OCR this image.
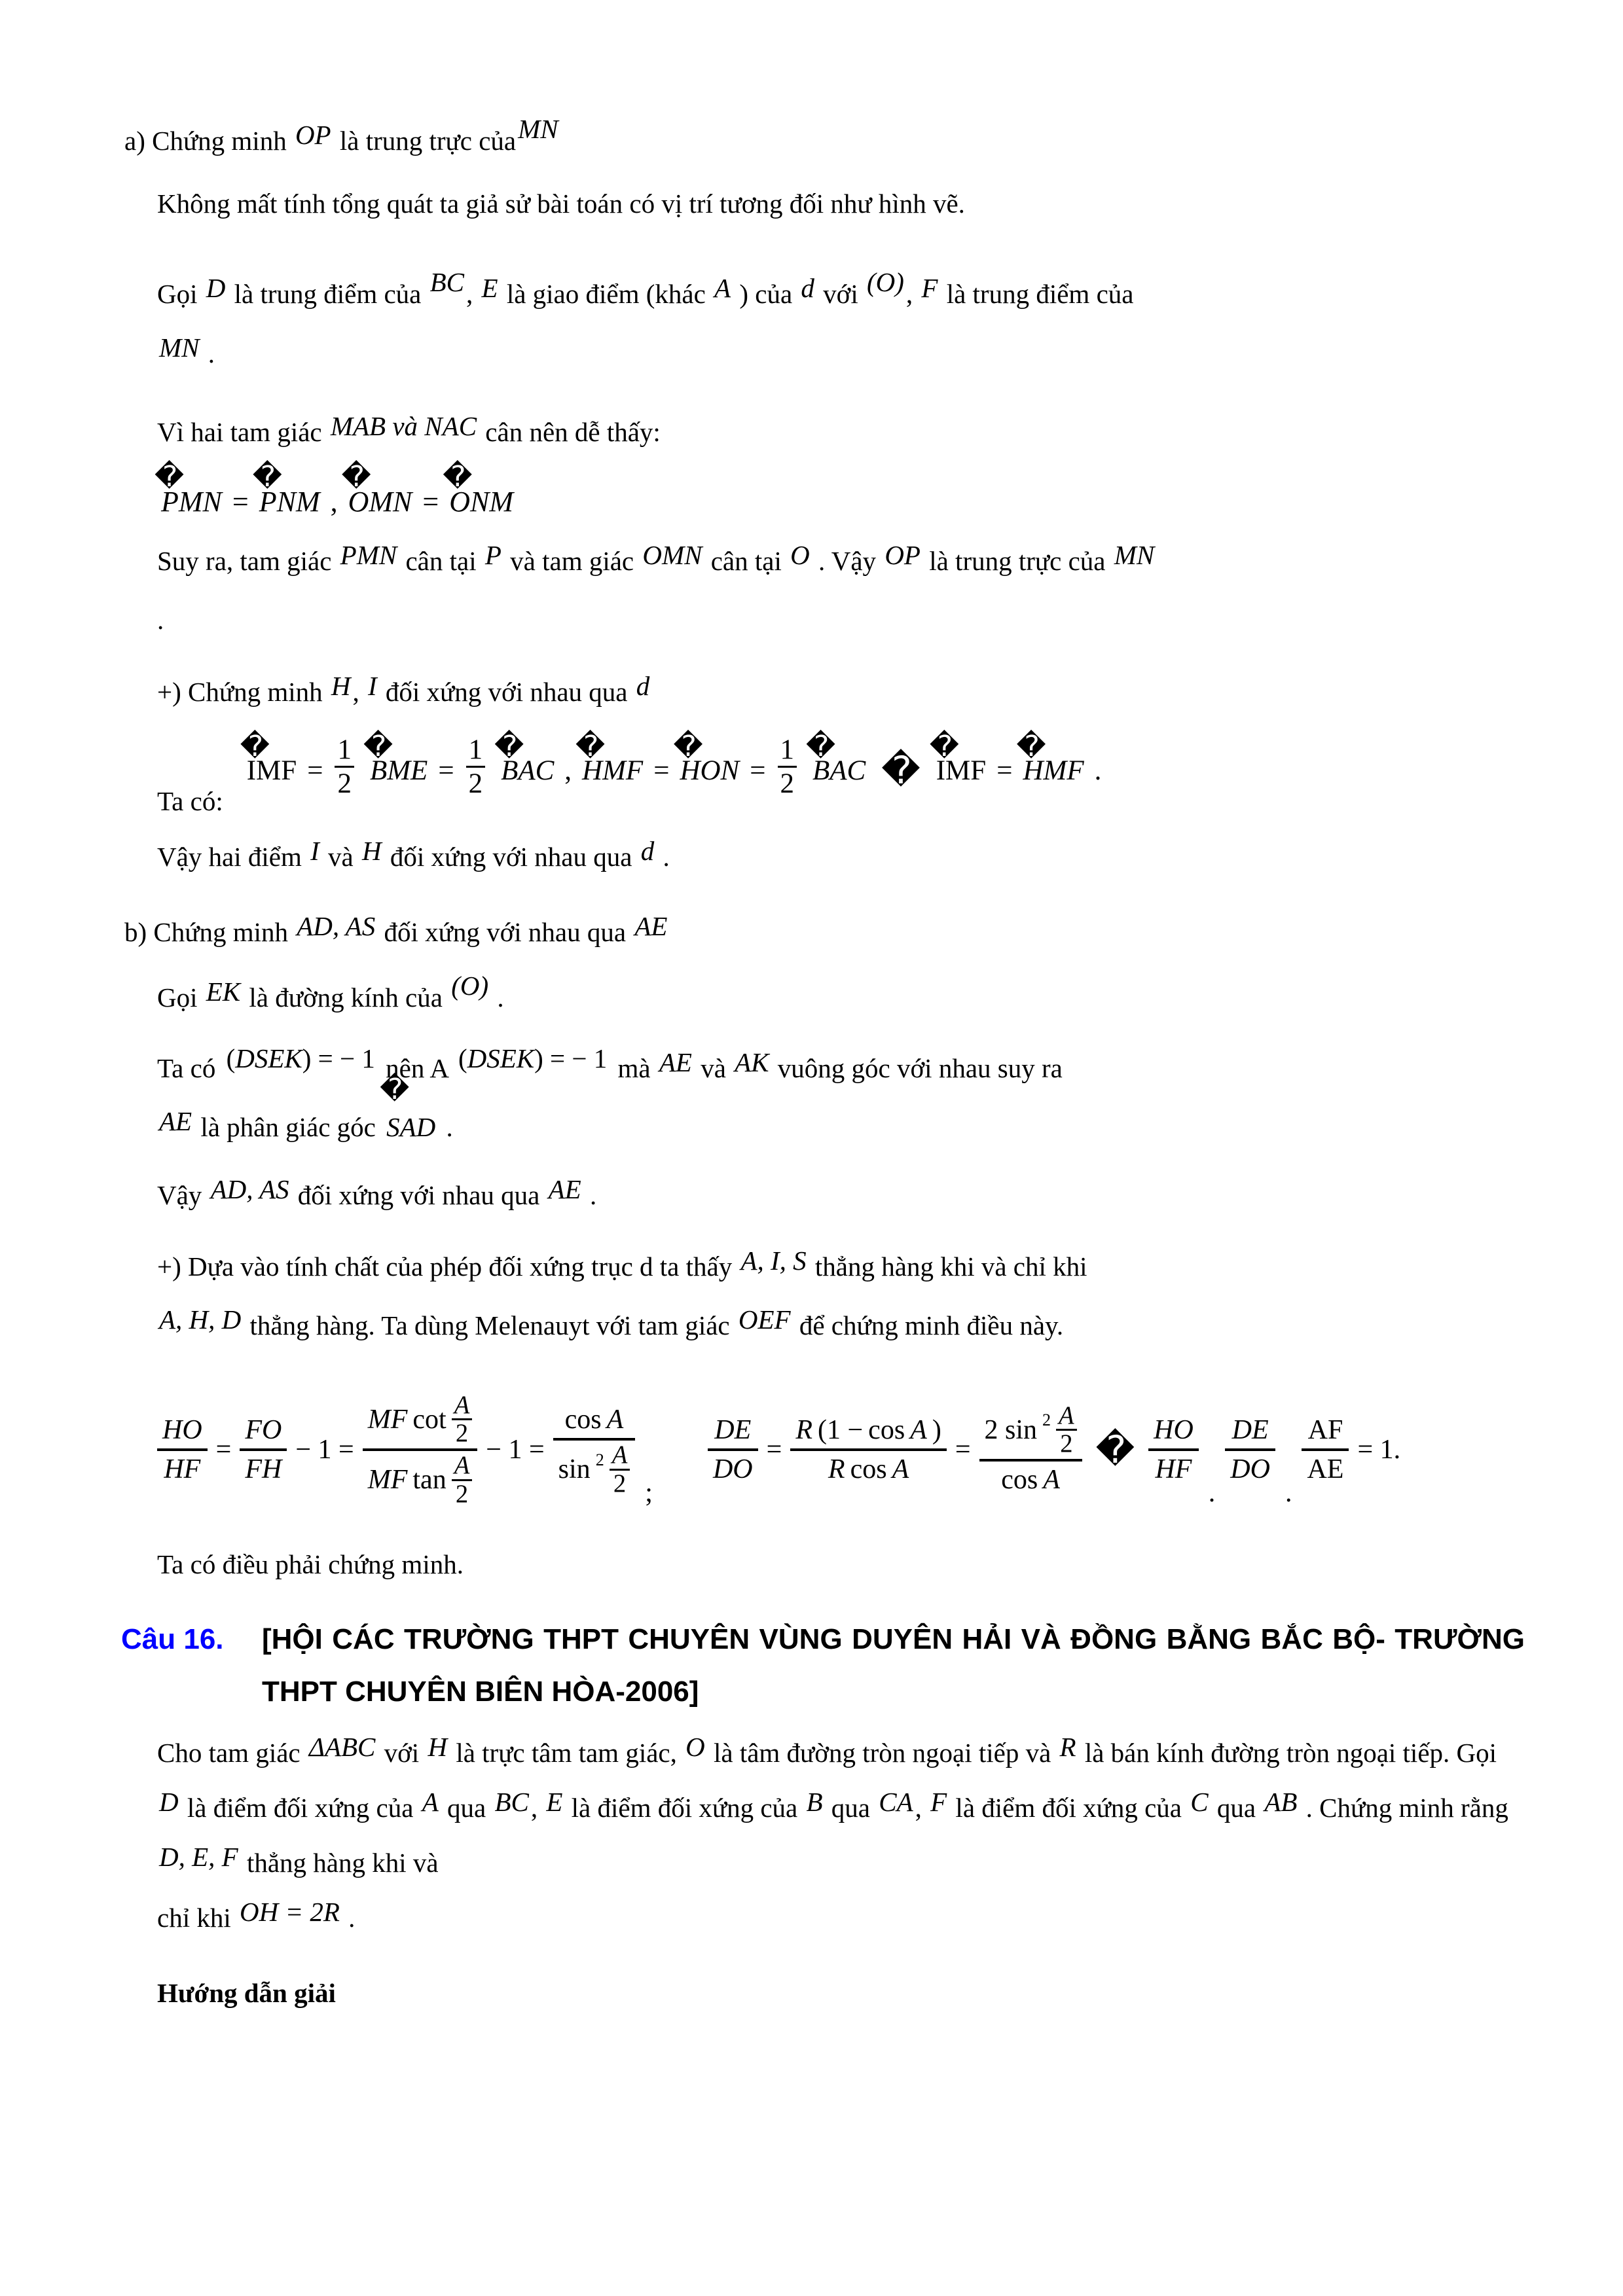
a) Chứng minh OP là trung trực củaMN

Không mất tính tổng quát ta giả sử bài toán có vị trí tương đối như hình vẽ.

Gọi D là trung điểm của BC, E là giao điểm (khác A ) của d với (O), F là trung điểm của
MN .

Vì hai tam giác MAB và NAC cân nên dễ thấy:

�
PMN =
�
PNM ,
�
OMN =
�
ONM

Suy ra, tam giác PMN cân tại P và tam giác OMN cân tại O . Vậy OP là trung trực của MN
.

+) Chứng minh H, I đối xứng với nhau qua d

Ta có:
�
IMF = $\frac{1}{2}$ �
BME = $\frac{1}{2}$ �
BAC ,
�
HMF =
�
HON = $\frac{1}{2}$ �
BAC �
�
IMF =
�
HMF .

Vậy hai điểm I và H đối xứng với nhau qua d .

b) Chứng minh AD, AS đối xứng với nhau qua AE

Gọi EK là đường kính của (O) .

Ta có (DSEK) = − 1 nên A (DSEK) = − 1 mà AE và AK vuông góc với nhau suy ra
AE là phân giác góc
�
SAD .

Vậy AD, AS đối xứng với nhau qua AE .

+) Dựa vào tính chất của phép đối xứng trục d ta thấy A, I, S thẳng hàng khi và chỉ khi
A, H, D thẳng hàng. Ta dùng Melenauyt với tam giác OEF để chứng minh điều này.

$\frac{HO}{HF} = \frac{FO}{FH} - 1 = \frac{MF \cot \frac{A}{2}}{MF \tan \frac{A}{2}} - 1 = \frac{\text{cos A}}{\sin 2 \frac{A}{2}}$ ;
$\frac{DE}{DO} = \frac{\text{R (1 − cos A )}}{\text{R cos A}} = \frac{2 \sin 2 \frac{A}{2}}{\text{cos A}}$ � $\frac{HO}{HF}$
.
$\frac{DE}{DO}$
.
$\frac{AF}{AE} = 1$.

Ta có điều phải chứng minh.

Câu 16.	[HỘI CÁC TRƯỜNG THPT CHUYÊN VÙNG DUYÊN HẢI VÀ ĐỒNG BẰNG BẮC BỘ- TRƯỜNG THPT CHUYÊN BIÊN HÒA-2006]

Cho tam giác ΔABC với H là trực tâm tam giác, O là tâm đường tròn ngoại tiếp và R là bán kính đường tròn ngoại tiếp. Gọi D là điểm đối xứng của A qua BC, E là điểm đối xứng của B qua CA, F là điểm đối xứng của C qua AB . Chứng minh rằng D, E, F thẳng hàng khi và
chỉ khi OH = 2R .

Hướng dẫn giải
